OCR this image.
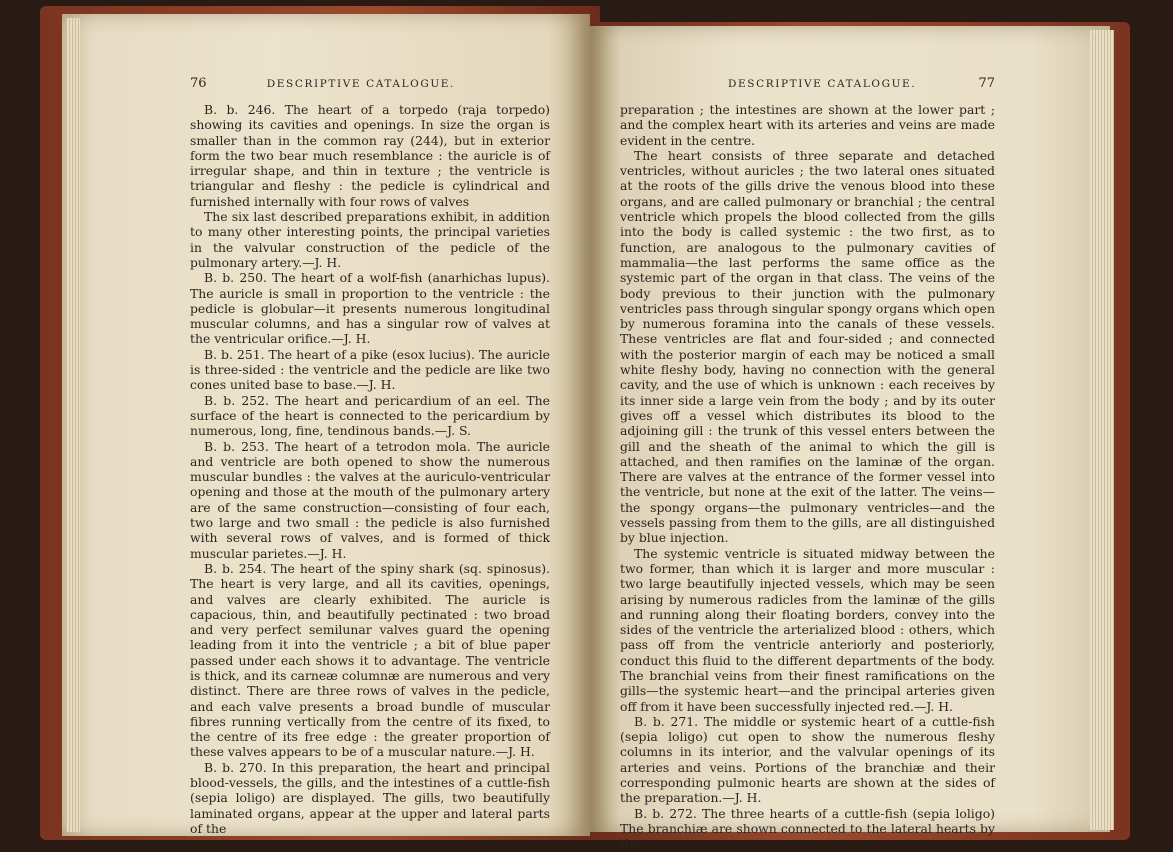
76	DESCRIPTIVE CATALOGUE.

B. b. 246. The heart of a torpedo (raja torpedo) showing its cavities and openings. In size the organ is smaller than in the common ray (244), but in exterior form the two bear much resemblance : the auricle is of irregular shape, and thin in texture ; the ventricle is triangular and fleshy : the pedicle is cylindrical and furnished internally with four rows of valves

The six last described preparations exhibit, in addition to many other interesting points, the principal varieties in the valvular construction of the pedicle of the pulmonary artery.—J. H.

B. b. 250. The heart of a wolf-fish (anarhichas lupus). The auricle is small in proportion to the ventricle : the pedicle is globular—it presents numerous longitudinal muscular columns, and has a singular row of valves at the ventricular orifice.—J. H.

B. b. 251. The heart of a pike (esox lucius). The auricle is three-sided : the ventricle and the pedicle are like two cones united base to base.—J. H.

B. b. 252. The heart and pericardium of an eel. The surface of the heart is connected to the pericardium by numerous, long, fine, tendinous bands.—J. S.

B. b. 253. The heart of a tetrodon mola. The auricle and ventricle are both opened to show the numerous muscular bundles : the valves at the auriculo-ventricular opening and those at the mouth of the pulmonary artery are of the same construction—consisting of four each, two large and two small : the pedicle is also furnished with several rows of valves, and is formed of thick muscular parietes.—J. H.

B. b. 254. The heart of the spiny shark (sq. spinosus). The heart is very large, and all its cavities, openings, and valves are clearly exhibited. The auricle is capacious, thin, and beautifully pectinated : two broad and very perfect semilunar valves guard the opening leading from it into the ventricle ; a bit of blue paper passed under each shows it to advantage. The ventricle is thick, and its carneæ columnæ are numerous and very distinct. There are three rows of valves in the pedicle, and each valve presents a broad bundle of muscular fibres running vertically from the centre of its fixed, to the centre of its free edge : the greater proportion of these valves appears to be of a muscular nature.—J. H.

B. b. 270. In this preparation, the heart and principal blood-vessels, the gills, and the intestines of a cuttle-fish (sepia loligo) are displayed. The gills, two beautifully laminated organs, appear at the upper and lateral parts of the

DESCRIPTIVE CATALOGUE.	77

preparation ; the intestines are shown at the lower part ; and the complex heart with its arteries and veins are made evident in the centre.

The heart consists of three separate and detached ventricles, without auricles ; the two lateral ones situated at the roots of the gills drive the venous blood into these organs, and are called pulmonary or branchial ; the central ventricle which propels the blood collected from the gills into the body is called systemic : the two first, as to function, are analogous to the pulmonary cavities of mammalia—the last performs the same office as the systemic part of the organ in that class. The veins of the body previous to their junction with the pulmonary ventricles pass through singular spongy organs which open by numerous foramina into the canals of these vessels. These ventricles are flat and four-sided ; and connected with the posterior margin of each may be noticed a small white fleshy body, having no connection with the general cavity, and the use of which is unknown : each receives by its inner side a large vein from the body ; and by its outer gives off a vessel which distributes its blood to the adjoining gill : the trunk of this vessel enters between the gill and the sheath of the animal to which the gill is attached, and then ramifies on the laminæ of the organ. There are valves at the entrance of the former vessel into the ventricle, but none at the exit of the latter. The veins—the spongy organs—the pulmonary ventricles—and the vessels passing from them to the gills, are all distinguished by blue injection.

The systemic ventricle is situated midway between the two former, than which it is larger and more muscular : two large beautifully injected vessels, which may be seen arising by numerous radicles from the laminæ of the gills and running along their floating borders, convey into the sides of the ventricle the arterialized blood : others, which pass off from the ventricle anteriorly and posteriorly, conduct this fluid to the different departments of the body. The branchial veins from their finest ramifications on the gills—the systemic heart—and the principal arteries given off from it have been successfully injected red.—J. H.

B. b. 271. The middle or systemic heart of a cuttle-fish (sepia loligo) cut open to show the numerous fleshy columns in its interior, and the valvular openings of its arteries and veins. Portions of the branchiæ and their corresponding pulmonic hearts are shown at the sides of the preparation.—J. H.

B. b. 272. The three hearts of a cuttle-fish (sepia loligo) The branchiæ are shown connected to the lateral hearts by the
